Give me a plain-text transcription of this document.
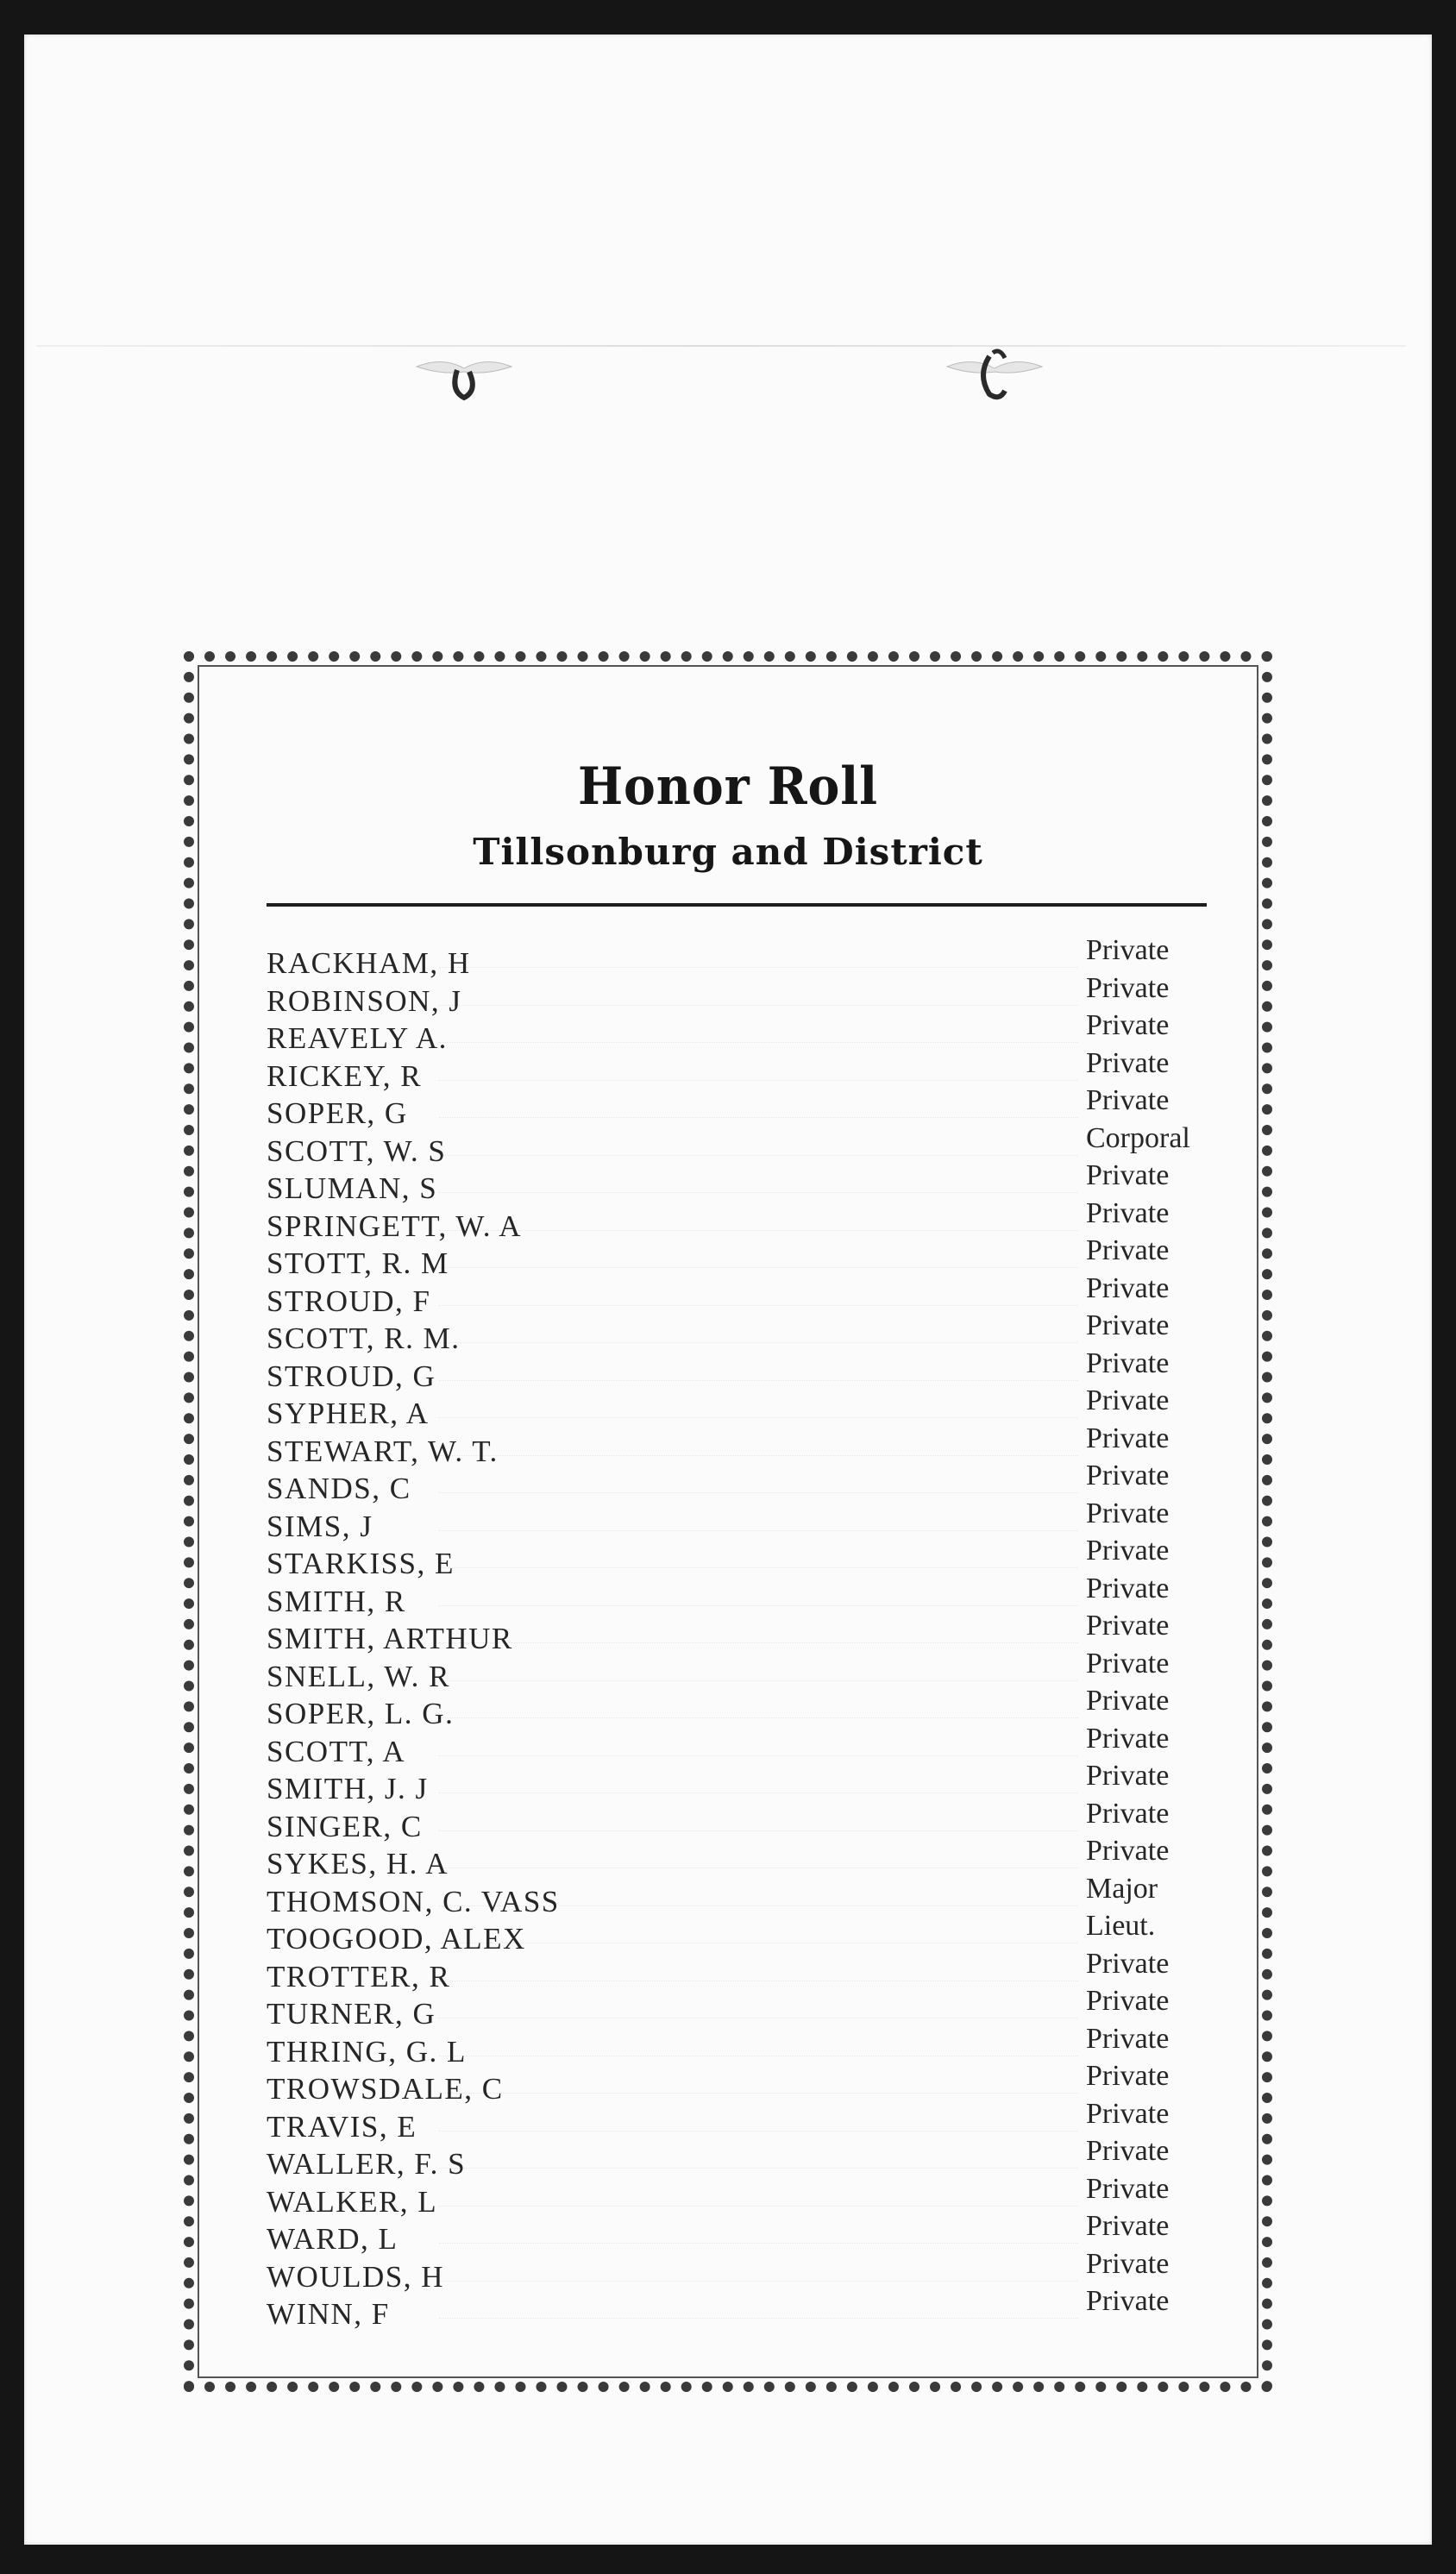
Honor Roll
Tillsonburg and District
RACKHAM, H	Private
ROBINSON, J	Private
REAVELY A.	Private
RICKEY, R	Private
SOPER, G	Private
SCOTT, W. S	Corporal
SLUMAN, S	Private
SPRINGETT, W. A	Private
STOTT, R. M	Private
STROUD, F	Private
SCOTT, R. M.	Private
STROUD, G	Private
SYPHER, A	Private
STEWART, W. T.	Private
SANDS, C	Private
SIMS, J	Private
STARKISS, E	Private
SMITH, R	Private
SMITH, ARTHUR	Private
SNELL, W. R	Private
SOPER, L. G.	Private
SCOTT, A	Private
SMITH, J. J	Private
SINGER, C	Private
SYKES, H. A	Private
THOMSON, C. VASS	Major
TOOGOOD, ALEX	Lieut.
TROTTER, R	Private
TURNER, G	Private
THRING, G. L	Private
TROWSDALE, C	Private
TRAVIS, E	Private
WALLER, F. S	Private
WALKER, L	Private
WARD, L	Private
WOULDS, H	Private
WINN, F	Private
